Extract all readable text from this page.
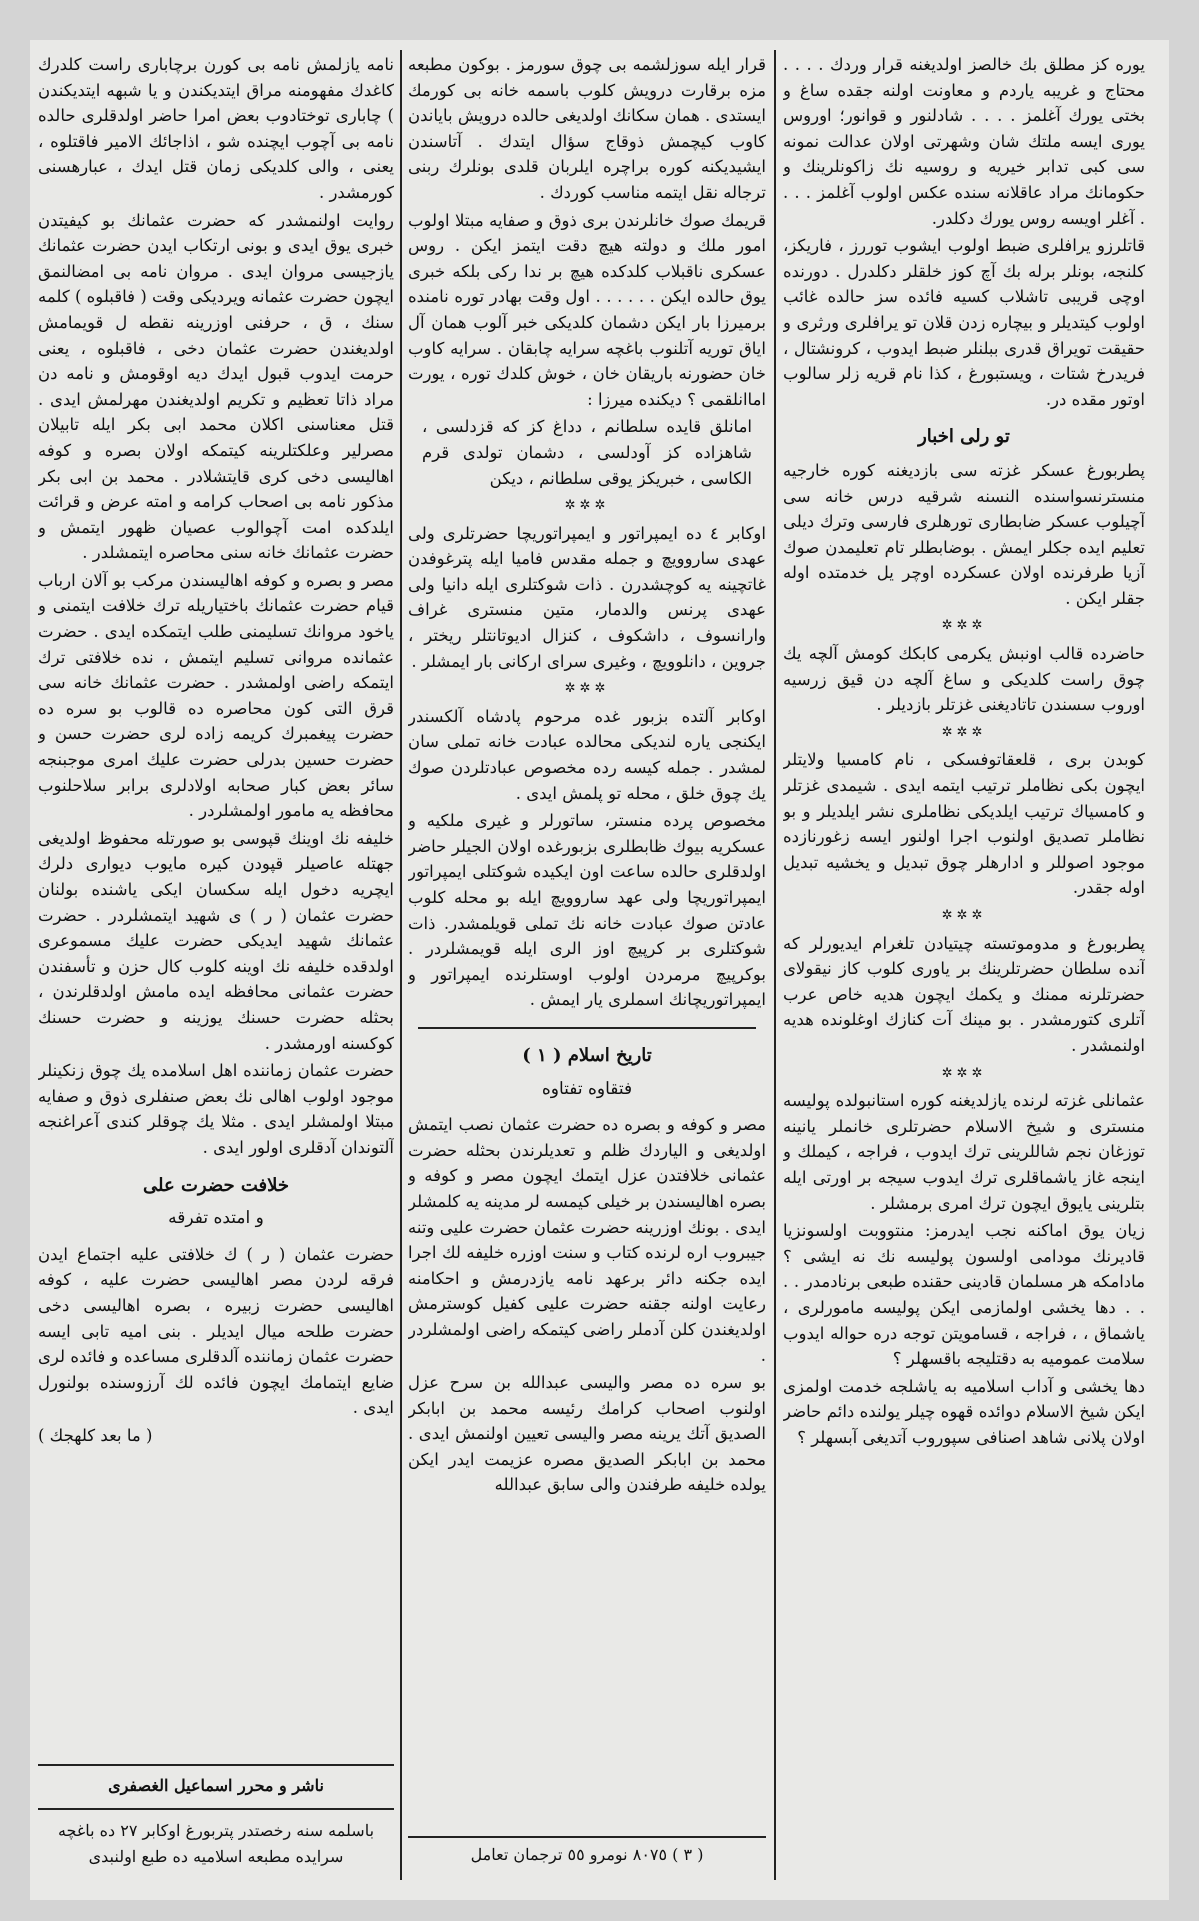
يوره كز مطلق بك خالصز اولديغنه قرار وردك . . . . محتاج و غريبه ياردم و معاونت اولنه جقده ساغ و بختى يورك آغلمز . . . . شادلنور و قوانور؛ اوروس يورى ايسه ملتك شان وشهرتى اولان عدالت نمونه سى كبى تدابر خيريه و روسيه نك زاكونلرينك و حكومانك مراد عاقلانه سنده عكس اولوب آغلمز . . . . آغلر اويسه روس يورك دكلدر.

قاتلرزو يرافلرى ضبط اولوب ايشوب توررز ، فاريكز، كلنجه، بونلر برله بك آچ كوز خلقلر دكلدرل . دورنده اوچى قريبى تاشلاب كسيه فائده سز حالده غائب اولوب كيتديلر و بيچاره زدن قلان تو يرافلرى ورثرى و حقيقت تويراق قدرى ببلنلر ضبط ايدوب ، كرونشتال ، فريدرخ شتات ، ويستبورغ ، كذا نام قريه زلر سالوب اوتور مقده در.

تو رلى اخبار

پطربورغ عسكر غزته سى بازديغنه كوره خارجيه منسترنسواسنده النسنه شرقيه درس خانه سى آچيلوب عسكر ضابطارى تورهلرى فارسى وترك ديلى تعليم ايده جكلر ايمش . بوضابطلر تام تعليمدن صوك آزيا طرفرنده اولان عسكرده اوچر يل خدمتده اوله جقلر ايكن .

✲✲✲

حاضرده قالب اونبش يكرمى كابكك كومش آلچه يك چوق راست كلديكى و ساغ آلچه دن قيق زرسيه اوروب سسندن تاتاديغنى غزتلر بازديلر .

✲✲✲

كوبدن برى ، قلعقاتوفسكى ، نام كامسيا ولايتلر ايچون بكى نظاملر ترتيب ايتمه ايدى . شيمدى غزتلر و كامسياك ترتيب ايلديكى نظاملرى نشر ايلديلر و بو نظاملر تصديق اولنوب اجرا اولنور ايسه زغورنازده موجود اصوللر و ادارهلر چوق تبديل و يخشيه تبديل اوله جقدر.

✲✲✲

پطربورغ و مدوموتسته چيتيادن تلغرام ايديورلر كه آنده سلطان حضرتلرينك بر ياورى كلوب كاز نيقولاى حضرتلرنه ممنك و يكمك ايچون هديه خاص عرب آتلرى كتورمشدر . بو مينك آت كنازك اوغلونده هديه اولنمشدر .

✲✲✲

عثمانلى غزته لرنده يازلديغنه كوره استانبولده پوليسه منسترى و شيخ الاسلام حضرتلرى خانملر يانينه توزغان نجم شاللرينى ترك ايدوب ، فراجه ، كيملك و اينجه غاز ياشماقلرى ترك ايدوب سيجه بر اورتى ايله بتلرينى يايوق ايچون ترك امرى برمشلر .

زيان يوق اماكنه نجب ايدرمز: منتووبت اولسونزيا قاديرنك مودامى اولسون پوليسه نك نه ايشى ؟ مادامكه هر مسلمان قادينى حقنده طبعى برنادمدر . . . . دها يخشى اولمازمى ايكن پوليسه مامورلرى ، ياشماق ، ، فراجه ، قسامويتن توجه دره حواله ايدوب سلامت عموميه به دقتليجه باقسهلر ؟

دها يخشى و آداب اسلاميه به ياشلجه خدمت اولمزى ايكن شيخ الاسلام دوائده قهوه چيلر يولنده دائم حاضر اولان پلانى شاهد اصنافى سپوروب آتديغى آبسهلر ؟

قرار ايله سوزلشمه بى چوق سورمز . بوكون مطبعه مزه برقارت درويش كلوب باسمه خانه بى كورمك ايستدى . همان سكانك اولديغى حالده درويش باياندن كاوب كيچمش ذوقاج سؤال ايتدك . آتاسندن ايشيديكنه كوره براچره ايلربان قلدى بونلرك ربنى ترجاله نقل ايتمه مناسب كوردك .

قريمك صوك خانلرندن برى ذوق و صفايه مبتلا اولوب امور ملك و دولته هيچ دقت ايتمز ايكن . روس عسكرى ناقبلاب كلدكده هيچ بر ندا ركى بلكه خبرى يوق حالده ايكن . . . . . . اول وقت بهادر توره نامنده برميرزا بار ايكن دشمان كلديكى خبر آلوب همان آل اياق توريه آتلنوب باغچه سرايه چابقان . سرايه كاوب خان حضورنه باريقان خان ، خوش كلدك توره ، يورت اماانلقمى ؟ ديكنده ميرزا :

امانلق قايده سلطانم ، دداغ كز كه قزدلسى ، شاهزاده كز آودلسى ، دشمان تولدى قرم الكاسى ، خبريكز يوقى سلطانم ، ديكن

✲✲✲

اوكابر ٤ ده ايمپراتور و ايمپراتوريچا حضرتلرى ولى عهدى ساروويچ و جمله مقدس فاميا ايله پترغوفدن غاتچينه يه كوچشدرن . ذات شوكتلرى ايله دانيا ولى عهدى پرنس والدمار، متين منسترى غراف وارانسوف ، داشكوف ، كنزال اديوتانتلر ريختر ، جروين ، دانلوويچ ، وغيرى سراى اركانى بار ايمشلر .

✲✲✲

اوكابر آلتده بزبور غده مرحوم پادشاه آلكسندر ايكنجى ياره لنديكى محالده عبادت خانه تملى سان لمشدر . جمله كيسه رده مخصوص عبادتلردن صوك يك چوق خلق ، محله تو پلمش ايدى .

مخصوص پرده منستر، ساتورلر و غيرى ملكيه و عسكريه بيوك ظابطلرى بزبورغده اولان الجيلر حاضر اولدقلرى حالده ساعت اون ايكيده شوكتلى ايمپراتور ايمپراتوريچا ولى عهد ساروويچ ايله بو محله كلوب عادتن صوك عبادت خانه نك تملى قويلمشدر. ذات شوكتلرى بر كرپيچ اوز الرى ايله قويمشلردر . بوكرپيچ مرمردن اولوب اوستلرنده ايمپراتور و ايمپراتوريچانك اسملرى يار ايمش .

تاريخ اسلام ( ۱ )
فتقاوه تفتاوه

مصر و كوفه و بصره ده حضرت عثمان نصب ايتمش اولديغى و الياردك ظلم و تعديلرندن بحثله حضرت عثمانى خلافتدن عزل ايتمك ايچون مصر و كوفه و بصره اهاليسندن بر خيلى كيمسه لر مدينه يه كلمشلر ايدى . بونك اوزرينه حضرت عثمان حضرت عليى وتنه جيبروب اره لرنده كتاب و سنت اوزره خليفه لك اجرا ايده جكنه دائر برعهد نامه يازدرمش و احكامنه رعايت اولنه جقنه حضرت عليى كفيل كوسترمش اولديغندن كلن آدملر راضى كيتمكه راضى اولمشلردر .

بو سره ده مصر واليسى عبدالله بن سرح عزل اولنوب اصحاب كرامك رئيسه محمد بن ابابكر الصديق آتك يرينه مصر واليسى تعيين اولنمش ايدى . محمد بن ابابكر الصديق مصره عزيمت ايدر ايكن يولده خليفه طرفندن والى سابق عبدالله

نامه يازلمش نامه بى كورن برچابارى راست كلدرك كاغدك مفهومنه مراق ايتديكندن و يا شبهه ايتديكندن ) چابارى توختادوب بعض امرا حاضر اولدقلرى حالده نامه بى آچوب ايچنده شو ، اذاجائك الامير فاقتلوه ، يعنى ، والى كلديكى زمان قتل ايدك ، عبارهسنى كورمشدر .

روايت اولنمشدر كه حضرت عثمانك بو كيفيتدن خبرى يوق ايدى و بونى ارتكاب ايدن حضرت عثمانك يازجيسى مروان ايدى . مروان نامه بى امضالنمق ايچون حضرت عثمانه ويرديكى وقت ( فاقبلوه ) كلمه سنك ، ق ، حرفنى اوزرينه نقطه ل قويمامش اولديغندن حضرت عثمان دخى ، فاقبلوه ، يعنى حرمت ايدوب قبول ايدك ديه اوقومش و نامه دن مراد ذاتا تعظيم و تكريم اولديغندن مهرلمش ايدى . قتل معناسنى اكلان محمد ابى بكر ايله تابيلان مصرلير وعلكتلرينه كيتمكه اولان بصره و كوفه اهاليسى دخى كرى قايتشلادر . محمد بن ابى بكر مذكور نامه بى اصحاب كرامه و امته عرض و قرائت ايلدكده امت آچوالوب عصيان ظهور ايتمش و حضرت عثمانك خانه سنى محاصره ايتمشلدر .

مصر و بصره و كوفه اهاليسندن مركب بو آلان ارباب قيام حضرت عثمانك باختياريله ترك خلافت ايتمنى و ياخود مروانك تسليمنى طلب ايتمكده ايدى . حضرت عثمانده مروانى تسليم ايتمش ، نده خلافتى ترك ايتمكه راضى اولمشدر . حضرت عثمانك خانه سى قرق التى كون محاصره ده قالوب بو سره ده حضرت پيغمبرك كريمه زاده لرى حضرت حسن و حضرت حسين بدرلى حضرت عليك امرى موجبنجه سائر بعض كبار صحابه اولادلرى برابر سلاحلنوب محافظه يه مامور اولمشلردر .

خليفه نك اوينك قپوسى بو صورتله محفوظ اولديغى جهتله عاصيلر قپودن كيره مايوب ديوارى دلرك ايچريه دخول ايله سكسان ايكى ياشنده بولنان حضرت عثمان ( ر ) ى شهيد ايتمشلردر . حضرت عثمانك شهيد ايديكى حضرت عليك مسموعرى اولدقده خليفه نك اوينه كلوب كال حزن و تأسفندن حضرت عثمانى محافظه ايده مامش اولدقلرندن ، بحثله حضرت حسنك يوزينه و حضرت حسنك كوكسنه اورمشدر .

حضرت عثمان زماننده اهل اسلامده يك چوق زنكينلر موجود اولوب اهالى نك بعض صنفلرى ذوق و صفايه مبتلا اولمشلر ايدى . مثلا يك چوقلر كندى آعراغنجه آلتوندان آدقلرى اولور ايدى .

خلافت حضرت على
و امتده تفرقه

حضرت عثمان ( ر ) ك خلافتى عليه اجتماع ايدن فرقه لردن مصر اهاليسى حضرت عليه ، كوفه اهاليسى حضرت زبيره ، بصره اهاليسى دخى حضرت طلحه ميال ايديلر . بنى اميه تابى ايسه حضرت عثمان زماننده آلدقلرى مساعده و فائده لرى ضايع ايتمامك ايچون فائده لك آرزوسنده بولنورل ايدى .

( ما بعد كلهجك )

ناشر و محرر اسماعيل الغصفرى
باسلمه سنه رخصتدر پتربورغ اوكابر ٢٧ ده باغچه سرايده مطبعه اسلاميه ده طبع اولنبدى	( ٣ ) ٨٠٧٥ نومرو ٥٥ ترجمان تعامل
